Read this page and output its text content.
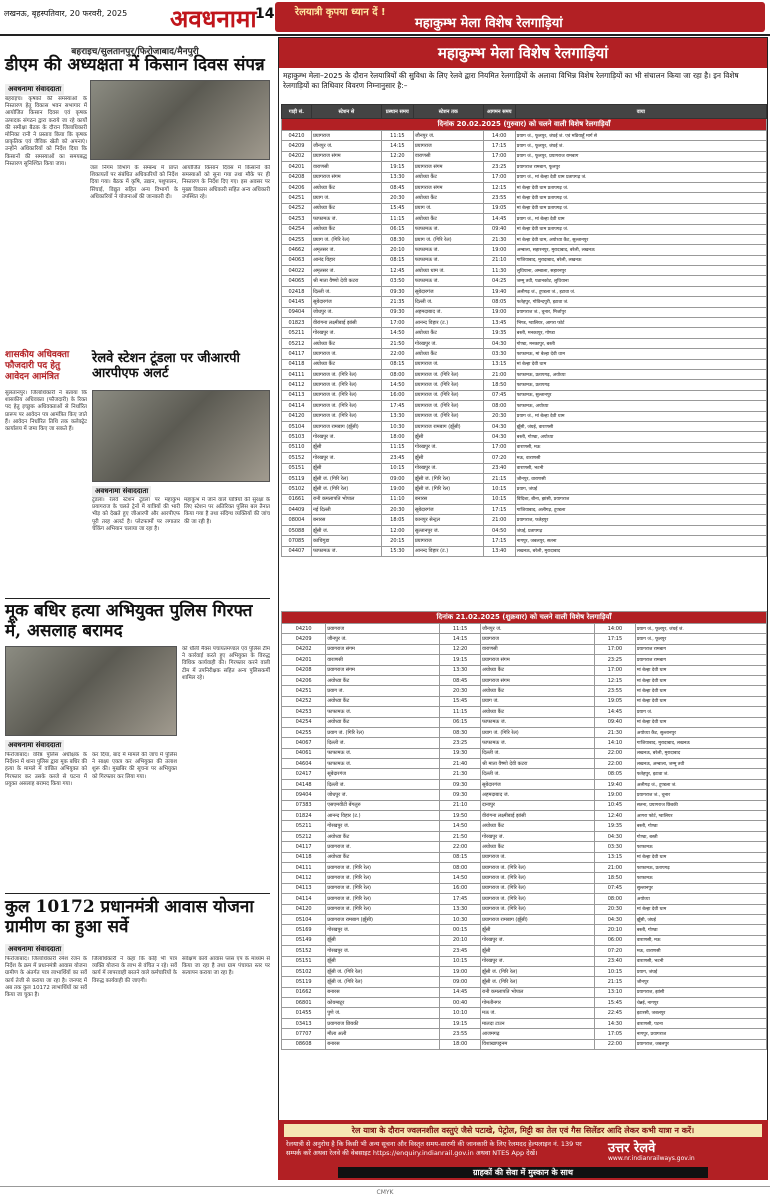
लखनऊ, बृहस्पतिवार, 20 फरवरी, 2025 अवधनामा
14 रेलयात्री कृपया ध्यान दें !
महाकुम्भ मेला विशेष रेलगाड़ियां
बहराइच/सुलतानपुर/फिरोजाबाद/मैनपुरी
डीएम की अध्यक्षता में किसान दिवस संपन्न
अवधनामा संवाददाता
बहराइच। कृषकों की समस्याओं के निस्तारण हेतु विकास भवन सभागार में आयोजित किसान दिवस एवं कृषक उत्पादक संगठन द्वारा कराये जा रहे कार्यों की समीक्षा बैठक के दौरान जिलाधिकारी मोनिका रानी ने प्रस्ताव किया कि कृषक प्राकृतिक एवं जैविक खेती को अपनाएं। उन्होंने अधिकारियों को निर्देश दिया कि किसानों की समस्याओं का समयबद्ध निस्तारण सुनिश्चित किया जाय।
जल निगम विभाग के सम्बन्ध में प्राप्त शिकायतों पर संबंधित अधिकारियों को निर्देश दिया गया। बैठक में कृषि, उद्यान, पशुपालन, सिंचाई, विद्युत सहित अन्य विभागों के अधिकारियों ने योजनाओं की जानकारी दी।
आयोजित किसान दिवस में किसानों की समस्याओं को सुना गया तथा मौके पर ही निस्तारण के निर्देश दिए गए। इस अवसर पर मुख्य विकास अधिकारी सहित अन्य अधिकारी उपस्थित रहे।
शासकीय अधिवक्ता फौजदारी पद हेतु आवेदन आमंत्रित
सुलतानपुर। जिलाधिकारी ने बताया कि शासकीय अधिवक्ता (फौजदारी) के रिक्त पद हेतु इच्छुक अधिवक्ताओं से निर्धारित प्रारूप पर आवेदन पत्र आमंत्रित किए जाते हैं। आवेदन निर्धारित तिथि तक कलेक्ट्रेट कार्यालय में जमा किए जा सकते हैं।
रेलवे स्टेशन टूंडला पर जीआरपी आरपीएफ अलर्ट
अवधनामा संवाददाता
टूंडला। रेलवे स्टेशन टूंडला पर महाकुंभ प्रयागराज के चलते ट्रेनों में यात्रियों की भारी भीड़ को देखते हुए जीआरपी और आरपीएफ पूरी तरह अलर्ट है। प्लेटफार्मों पर लगातार चेकिंग अभियान चलाया जा रहा है।
महाकुंभ में जाने वाले यात्रियों की सुरक्षा के लिए स्टेशन पर अतिरिक्त पुलिस बल तैनात किया गया है तथा संदिग्ध व्यक्तियों की जांच की जा रही है।
मूक बधिर हत्या अभियुक्त पुलिस गिरफ्त में, असलाह बरामद
अवधनामा संवाददाता
फिरोजाबाद। वरिष्ठ पुलिस अधीक्षक के निर्देशन में थाना पुलिस द्वारा मूक बधिर की हत्या के मामले में वांछित अभियुक्त को गिरफ्तार कर उसके कब्जे से घटना में प्रयुक्त असलाह बरामद किया गया।
कर दिया, बाद में मामले की जांच में पुलिस ने साक्ष्य एकत्र कर अभियुक्त की तलाश शुरू की। मुखबिर की सूचना पर अभियुक्त को गिरफ्तार कर लिया गया।
को धौली मैक्स पंचायतमण्डल एवं पुलिस टीम ने कार्रवाई करते हुए अभियुक्त के विरुद्ध विधिक कार्यवाही की। गिरफ्तार करने वाली टीम में उपनिरीक्षक सहित अन्य पुलिसकर्मी शामिल रहे।
कुल 10172 प्रधानमंत्री आवास योजना ग्रामीण का हुआ सर्वे
अवधनामा संवाददाता
फिरोजाबाद। जिलाधिकारी रमेश रंजन के निर्देश के क्रम में प्रधानमंत्री आवास योजना ग्रामीण के अंतर्गत पात्र लाभार्थियों का सर्वे कार्य तेजी से कराया जा रहा है। जनपद में अब तक कुल 10172 लाभार्थियों का सर्वे किया जा चुका है।
जिलाधिकारी ने कहा कि कोई भी पात्र व्यक्ति योजना के लाभ से वंचित न रहे। सर्वे कार्य में लापरवाही बरतने वाले कर्मचारियों के विरुद्ध कार्यवाही की जाएगी।
सर्वेक्षण कार्य आवास प्लस एप के माध्यम से किया जा रहा है तथा ग्राम पंचायत स्तर पर सत्यापन कराया जा रहा है।
महाकुम्भ मेला विशेष रेलगाड़ियां
महाकुम्भ मेला–2025 के दौरान रेलयात्रियों की सुविधा के लिए रेलवे द्वारा नियमित रेलगाड़ियों के अलावा विभिन्न विशेष रेलगाड़ियों का भी संचालन किया जा रहा है। इन विशेष रेलगाड़ियों का तिथिवार विवरण निम्नानुसार है:–
गाड़ी सं.	स्टेशन से	प्रस्थान समय	स्टेशन तक	आगमन समय	वाया
दिनांक 20.02.2025 (गुरुवार) को चलने वाली विशेष रेलगाड़ियाँ					
04210	प्रयागराज	11:15	जौनपुर जं.	14:00	प्रयाग जं., फूलपुर, जंघई जं. एवं मडियाहूँ मार्ग से
04209	जौनपुर जं.	14:15	प्रयागराज	17:15	प्रयाग जं., फूलपुर, जंघई जं.
04202	प्रयागराज संगम	12:20	वाराणसी	17:00	प्रयाग जं., फूलपुर, प्रयागराज रामबाग
04201	वाराणसी	19:15	प्रयागराज संगम	23:25	प्रयागराज रामबाग, फूलपुर
04208	प्रयागराज संगम	13:30	अयोध्या कैंट	17:00	प्रयाग जं., मां बेल्हा देवी धाम प्रतापगढ़ जं.
04206	अयोध्या कैंट	08:45	प्रयागराज संगम	12:15	मां बेल्हा देवी धाम प्रतापगढ़ जं.
04251	प्रयाग जं.	20:30	अयोध्या कैंट	23:55	मां बेल्हा देवी धाम प्रतापगढ़ जं.
04252	अयोध्या कैंट	15:45	प्रयाग जं.	19:05	मां बेल्हा देवी धाम प्रतापगढ़ जं.
04253	फाफामऊ जं.	11:15	अयोध्या कैंट	14:45	प्रयाग जं., मां बेल्हा देवी धाम
04254	अयोध्या कैंट	06:15	फाफामऊ जं.	09:40	मां बेल्हा देवी धाम प्रतापगढ़ जं.
04255	प्रयाग जं. (गिरि रेल)	08:30	प्रयाग जं. (गिरि रेल)	21:30	मां बेल्हा देवी धाम, अयोध्या कैंट, सुल्तानपुर
04662	अमृतसर जं.	20:10	फाफामऊ जं.	19:00	अम्बाला, सहारनपुर, मुरादाबाद, बरेली, लखनऊ
04063	आनंद विहार	08:15	फाफामऊ जं.	21:10	गाजियाबाद, मुरादाबाद, बरेली, लखनऊ
04022	अमृतसर जं.	12:45	अयोध्या धाम जं.	11:30	लुधियाना, अम्बाला, सहारनपुर
04065	श्री माता वैष्णो देवी कटरा	03:50	फाफामऊ जं.	04:25	जम्मू तवी, पठानकोट, लुधियाना
02418	दिल्ली जं.	09:30	सूबेदारगंज	19:40	अलीगढ़ जं., टूण्डला जं., इटावा जं.
04145	सूबेदारगंज	21:35	दिल्ली जं.	08:05	फतेहपुर, गोविन्दपुरी, इटावा जं.
09404	जोधपुर जं.	09:30	अहमदाबाद जं.	19:00	प्रयागराज जं., चुनार, मिर्जापुर
01823	वीरांगना लक्ष्मीबाई झांसी	17:00	आनन्द विहार (ट.)	13:45	भिण्ड, ग्वालियर, आगरा फोर्ट
05211	गोरखपुर जं.	14:50	अयोध्या कैंट	19:35	बस्ती, मनकापुर, गोण्डा
05212	अयोध्या कैंट	21:50	गोरखपुर जं.	04:30	गोण्डा, मनकापुर, बस्ती
04117	प्रयागराज जं.	22:00	अयोध्या कैंट	03:30	फाफामऊ, मां बेल्हा देवी धाम
04118	अयोध्या कैंट	08:15	प्रयागराज जं.	13:15	मां बेल्हा देवी धाम
04111	प्रयागराज जं. (गिरि रेल)	08:00	प्रयागराज जं. (गिरि रेल)	21:00	फाफामऊ, प्रतापगढ़, अयोध्या
04112	प्रयागराज जं. (गिरि रेल)	14:50	प्रयागराज जं. (गिरि रेल)	18:50	फाफामऊ, प्रतापगढ़
04113	प्रयागराज जं. (गिरि रेल)	16:00	प्रयागराज जं. (गिरि रेल)	07:45	फाफामऊ, सुल्तानपुर
04114	प्रयागराज जं. (गिरि रेल)	17:45	प्रयागराज जं. (गिरि रेल)	08:00	फाफामऊ, अयोध्या
04120	प्रयागराज जं. (गिरि रेल)	13:30	प्रयागराज जं. (गिरि रेल)	20:30	प्रयाग जं., मां बेल्हा देवी धाम
05104	प्रयागराज रामबाग (झूँसी)	10:30	प्रयागराज रामबाग (झूँसी)	04:30	झूँसी, जंघई, वाराणसी
05103	गोरखपुर जं.	18:00	झूँसी	04:30	बस्ती, गोण्डा, अयोध्या
05110	झूँसी	11:15	गोरखपुर जं.	17:00	वाराणसी, मऊ
05152	गोरखपुर जं.	23:45	झूँसी	07:20	मऊ, वाराणसी
05151	झूँसी	10:15	गोरखपुर जं.	23:40	वाराणसी, भटनी
05119	झूँसी जं. (गिरि रेल)	09:00	झूँसी जं. (गिरि रेल)	21:15	जौनपुर, वाराणसी
05102	झूँसी जं. (गिरि रेल)	19:00	झूँसी जं. (गिरि रेल)	10:15	प्रयाग, जंघई
01661	रानी कमलापति भोपाल	11:10	बनारस	10:15	विदिशा, बीना, झांसी, प्रयागराज
04409	नई दिल्ली	20:30	सूबेदारगंज	17:15	गाजियाबाद, अलीगढ़, टूण्डला
08004	बनारस	18:05	कानपुर सेन्ट्रल	21:00	प्रयागराज, फतेहपुर
05088	झूँसी जं.	12:00	सुल्तानपुर जं.	04:50	जंघई, प्रतापगढ़
07085	काचिगुडा	20:15	प्रयागराज	17:15	नागपुर, जबलपुर, सतना
04407	फाफामऊ जं.	15:30	आनन्द विहार (ट.)	13:40	लखनऊ, बरेली, मुरादाबाद
दिनांक 21.02.2025 (शुक्रवार) को चलने वाली विशेष रेलगाड़ियाँ					
04210	प्रयागराज	11:15	जौनपुर जं.	14:00	प्रयाग जं., फूलपुर, जंघई जं.
04209	जौनपुर जं.	14:15	प्रयागराज	17:15	प्रयाग जं., फूलपुर
04202	प्रयागराज संगम	12:20	वाराणसी	17:00	प्रयागराज रामबाग
04201	वाराणसी	19:15	प्रयागराज संगम	23:25	प्रयागराज रामबाग
04208	प्रयागराज संगम	13:30	अयोध्या कैंट	17:00	मां बेल्हा देवी धाम
04206	अयोध्या कैंट	08:45	प्रयागराज संगम	12:15	मां बेल्हा देवी धाम
04251	प्रयाग जं.	20:30	अयोध्या कैंट	23:55	मां बेल्हा देवी धाम
04252	अयोध्या कैंट	15:45	प्रयाग जं.	19:05	मां बेल्हा देवी धाम
04253	फाफामऊ जं.	11:15	अयोध्या कैंट	14:45	प्रयाग जं.
04254	अयोध्या कैंट	06:15	फाफामऊ जं.	09:40	मां बेल्हा देवी धाम
04255	प्रयाग जं. (गिरि रेल)	08:30	प्रयाग जं. (गिरि रेल)	21:30	अयोध्या कैंट, सुल्तानपुर
04067	दिल्ली जं.	23:25	फाफामऊ जं.	14:10	गाजियाबाद, मुरादाबाद, लखनऊ
04061	फाफामऊ जं.	19:30	दिल्ली जं.	22:00	लखनऊ, बरेली, मुरादाबाद
04604	फाफामऊ जं.	21:40	श्री माता वैष्णो देवी कटरा	22:00	लखनऊ, अम्बाला, जम्मू तवी
02417	सूबेदारगंज	21:30	दिल्ली जं.	08:05	फतेहपुर, इटावा जं.
04148	दिल्ली जं.	09:30	सूबेदारगंज	19:40	अलीगढ़ जं., टूण्डला जं.
09404	जोधपुर जं.	09:30	अहमदाबाद जं.	19:00	प्रयागराज जं., चुनार
07383	एसएमवीटी बेंगलुरु	21:10	दानापुर	10:45	सतना, प्रयागराज छिवकी
01824	आनन्द विहार (ट.)	19:50	वीरांगना लक्ष्मीबाई झांसी	12:40	आगरा फोर्ट, ग्वालियर
05211	गोरखपुर जं.	14:50	अयोध्या कैंट	19:35	बस्ती, गोण्डा
05212	अयोध्या कैंट	21:50	गोरखपुर जं.	04:30	गोण्डा, बस्ती
04117	प्रयागराज जं.	22:00	अयोध्या कैंट	03:30	फाफामऊ
04118	अयोध्या कैंट	08:15	प्रयागराज जं.	13:15	मां बेल्हा देवी धाम
04111	प्रयागराज जं. (गिरि रेल)	08:00	प्रयागराज जं. (गिरि रेल)	21:00	फाफामऊ, प्रतापगढ़
04112	प्रयागराज जं. (गिरि रेल)	14:50	प्रयागराज जं. (गिरि रेल)	18:50	फाफामऊ
04113	प्रयागराज जं. (गिरि रेल)	16:00	प्रयागराज जं. (गिरि रेल)	07:45	सुल्तानपुर
04114	प्रयागराज जं. (गिरि रेल)	17:45	प्रयागराज जं. (गिरि रेल)	08:00	अयोध्या
04120	प्रयागराज जं. (गिरि रेल)	13:30	प्रयागराज जं. (गिरि रेल)	20:30	मां बेल्हा देवी धाम
05104	प्रयागराज रामबाग (झूँसी)	10:30	प्रयागराज रामबाग (झूँसी)	04:30	झूँसी, जंघई
05169	गोरखपुर जं.	00:15	झूँसी	20:10	बस्ती, गोण्डा
05149	झूँसी	20:10	गोरखपुर जं.	06:00	वाराणसी, मऊ
05152	गोरखपुर जं.	23:45	झूँसी	07:20	मऊ, वाराणसी
05151	झूँसी	10:15	गोरखपुर जं.	23:40	वाराणसी, भटनी
05102	झूँसी जं. (गिरि रेल)	19:00	झूँसी जं. (गिरि रेल)	10:15	प्रयाग, जंघई
05119	झूँसी जं. (गिरि रेल)	09:00	झूँसी जं. (गिरि रेल)	21:15	जौनपुर
01662	बनारस	14:45	रानी कमलापति भोपाल	13:10	प्रयागराज, झांसी
06801	कोयम्बटूर	00:40	गोमतीनगर	15:45	चेन्नई, नागपुर
01455	पुणे जं.	10:10	मऊ जं.	22:45	इटारसी, जबलपुर
03413	प्रयागराज छिवकी	19:15	मालदा टाउन	14:30	वाराणसी, पटना
07707	मौला अली	23:55	आजमगढ़	17:05	नागपुर, प्रयागराज
08608	बनारस	18:00	विशाखापट्टनम	22:00	प्रयागराज, जबलपुर
रेल यात्रा के दौरान ज्वलनशील वस्तुएं जैसे पटाखे, पेट्रोल, मिट्टी का तेल एवं गैस सिलेंडर आदि लेकर कभी यात्रा न करें।
रेलयात्री से अनुरोध है कि किसी भी अन्य सूचना और विस्तृत समय-सारणी की जानकारी के लिए रेलमदद हेल्पलाइन नं. 139 पर सम्पर्क करें अथवा रेलवे की वेबसाइट https://enquiry.indianrail.gov.in अथवा NTES App देखें।	उत्तर रेलवे
www.nr.indianrailways.gov.in
ग्राहकों की सेवा में मुस्कान के साथ
CMYK
